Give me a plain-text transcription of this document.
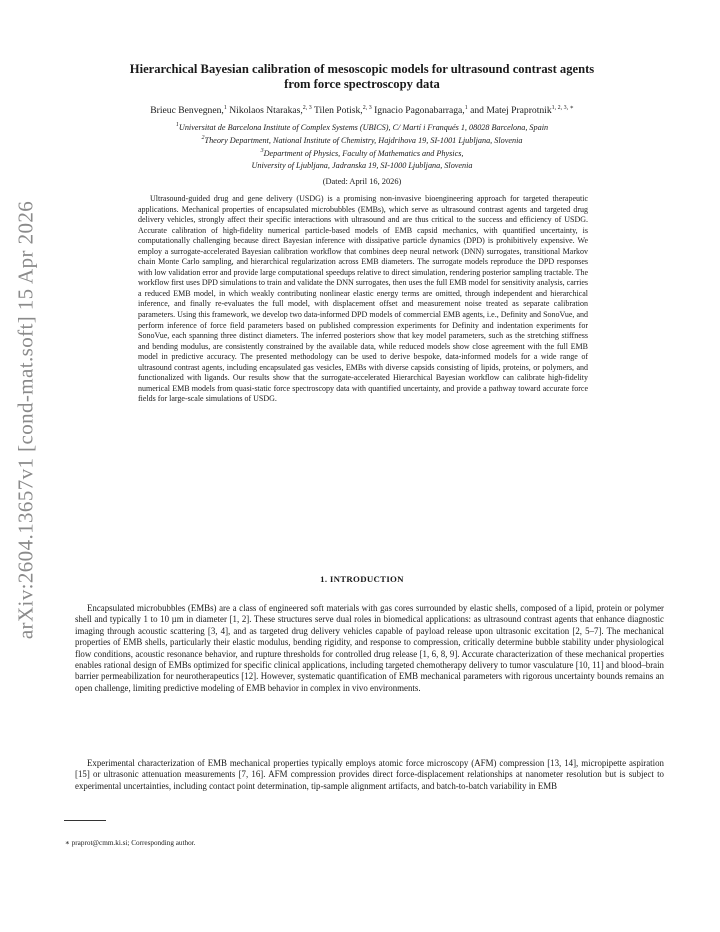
arXiv:2604.13657v1 [cond-mat.soft] 15 Apr 2026
Hierarchical Bayesian calibration of mesoscopic models for ultrasound contrast agents
from force spectroscopy data
Brieuc Benvegnen,$^1$ Nikolaos Ntarakas,$^{2, 3}$ Tilen Potisk,$^{2, 3}$ Ignacio Pagonabarraga,$^1$ and Matej Praprotnik$^{1, 2, 3, ∗}$
$^1$Universitat de Barcelona Institute of Complex Systems (UBICS), C/ Martí i Franqués 1, 08028 Barcelona, Spain
$^2$Theory Department, National Institute of Chemistry, Hajdrihova 19, SI-1001 Ljubljana, Slovenia
$^3$Department of Physics, Faculty of Mathematics and Physics,
University of Ljubljana, Jadranska 19, SI-1000 Ljubljana, Slovenia
(Dated: April 16, 2026)
Ultrasound-guided drug and gene delivery (USDG) is a promising non-invasive bioengineering approach for targeted therapeutic applications. Mechanical properties of encapsulated microbubbles (EMBs), which serve as ultrasound contrast agents and targeted drug delivery vehicles, strongly affect their specific interactions with ultrasound and are thus critical to the success and efficiency of USDG. Accurate calibration of high-fidelity numerical particle-based models of EMB capsid mechanics, with quantified uncertainty, is computationally challenging because direct Bayesian inference with dissipative particle dynamics (DPD) is prohibitively expensive. We employ a surrogate-accelerated Bayesian calibration workflow that combines deep neural network (DNN) surrogates, transitional Markov chain Monte Carlo sampling, and hierarchical regularization across EMB diameters. The surrogate models reproduce the DPD responses with low validation error and provide large computational speedups relative to direct simulation, rendering posterior sampling tractable. The workflow first uses DPD simulations to train and validate the DNN surrogates, then uses the full EMB model for sensitivity analysis, carries a reduced EMB model, in which weakly contributing nonlinear elastic energy terms are omitted, through independent and hierarchical inference, and finally re-evaluates the full model, with displacement offset and measurement noise treated as separate calibration parameters. Using this framework, we develop two data-informed DPD models of commercial EMB agents, i.e., Definity and SonoVue, and perform inference of force field parameters based on published compression experiments for Definity and indentation experiments for SonoVue, each spanning three distinct diameters. The inferred posteriors show that key model parameters, such as the stretching stiffness and bending modulus, are consistently constrained by the available data, while reduced models show close agreement with the full EMB model in predictive accuracy. The presented methodology can be used to derive bespoke, data-informed models for a wide range of ultrasound contrast agents, including encapsulated gas vesicles, EMBs with diverse capsids consisting of lipids, proteins, or polymers, and functionalized with ligands. Our results show that the surrogate-accelerated Hierarchical Bayesian workflow can calibrate high-fidelity numerical EMB models from quasi-static force spectroscopy data with quantified uncertainty, and provide a pathway toward accurate force fields for large-scale simulations of USDG.
1. INTRODUCTION
Encapsulated microbubbles (EMBs) are a class of engineered soft materials with gas cores surrounded by elastic shells, composed of a lipid, protein or polymer shell and typically 1 to 10 µm in diameter [1, 2]. These structures serve dual roles in biomedical applications: as ultrasound contrast agents that enhance diagnostic imaging through acoustic scattering [3, 4], and as targeted drug delivery vehicles capable of payload release upon ultrasonic excitation [2, 5–7]. The mechanical properties of EMB shells, particularly their elastic modulus, bending rigidity, and response to compression, critically determine bubble stability under physiological flow conditions, acoustic resonance behavior, and rupture thresholds for controlled drug release [1, 6, 8, 9]. Accurate characterization of these mechanical properties enables rational design of EMBs optimized for specific clinical applications, including targeted chemotherapy delivery to tumor vasculature [10, 11] and blood–brain barrier permeabilization for neurotherapeutics [12]. However, systematic quantification of EMB mechanical parameters with rigorous uncertainty bounds remains an open challenge, limiting predictive modeling of EMB behavior in complex in vivo environments.
Experimental characterization of EMB mechanical properties typically employs atomic force microscopy (AFM) compression [13, 14], micropipette aspiration [15] or ultrasonic attenuation measurements [7, 16]. AFM compression provides direct force-displacement relationships at nanometer resolution but is subject to experimental uncertainties, including contact point determination, tip-sample alignment artifacts, and batch-to-batch variability in EMB
∗ praprot@cmm.ki.si; Corresponding author.
